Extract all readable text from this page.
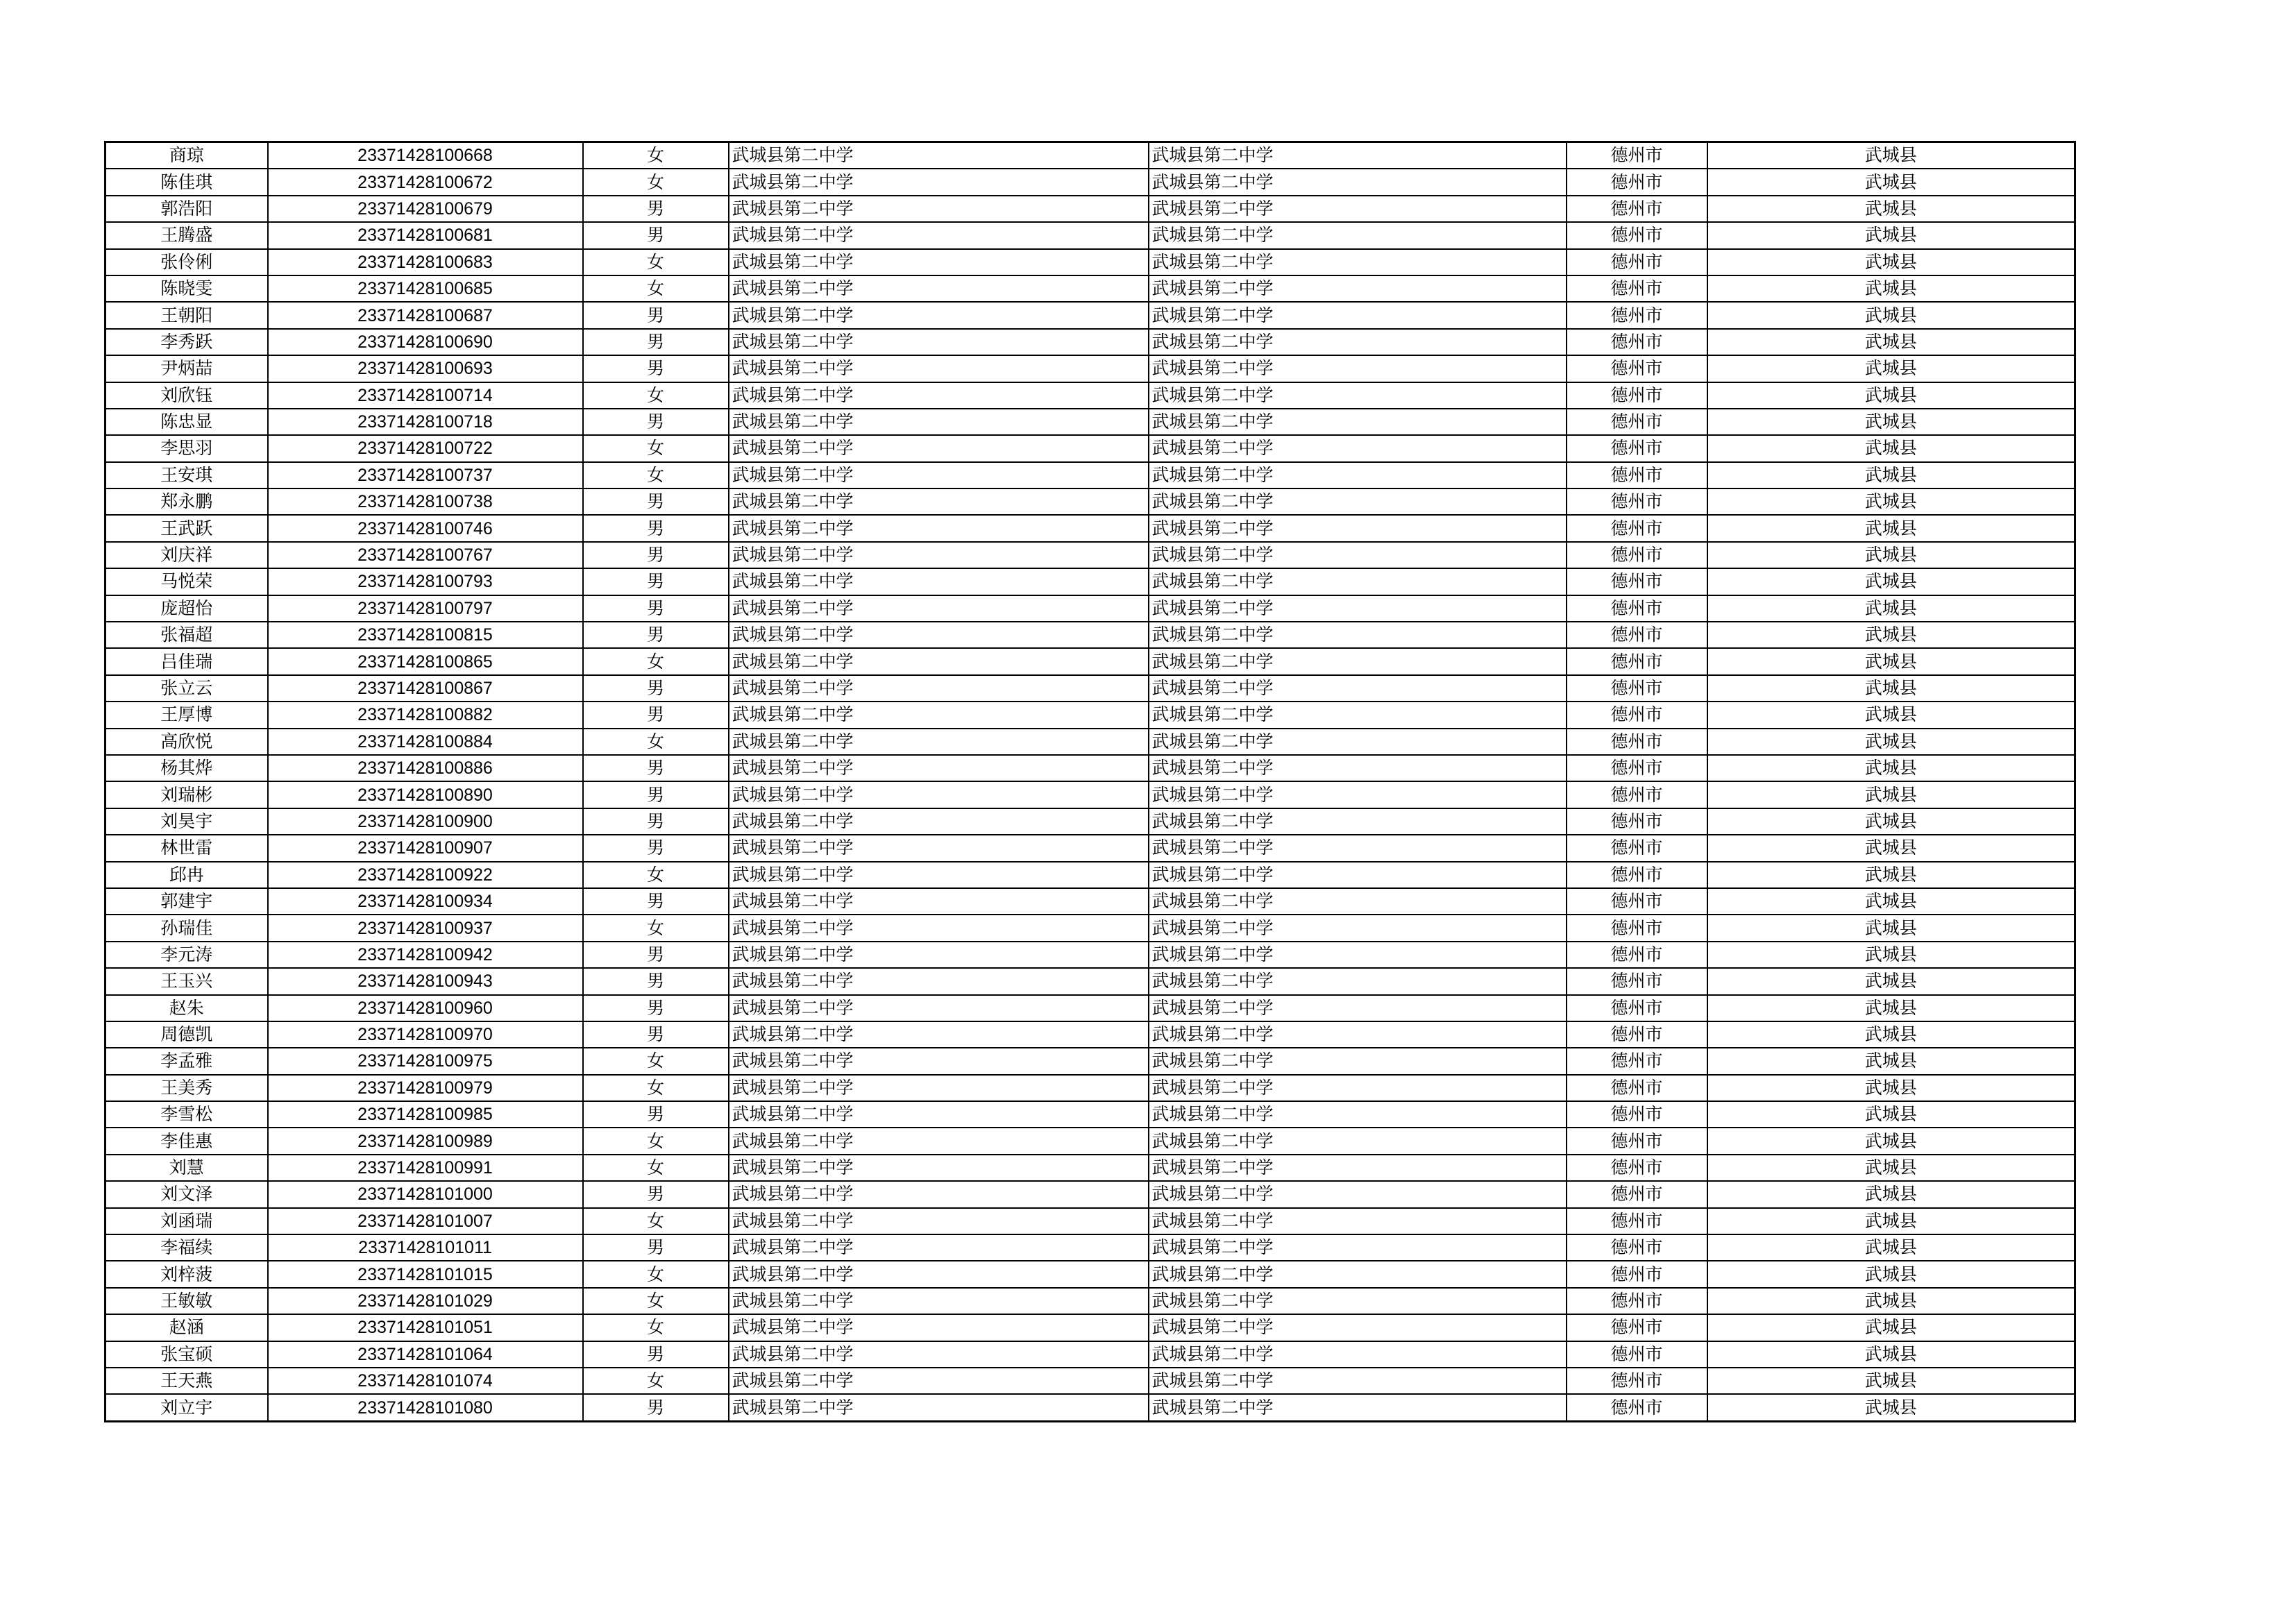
商琼	23371428100668	女	武城县第二中学	武城县第二中学	德州市	武城县
陈佳琪	23371428100672	女	武城县第二中学	武城县第二中学	德州市	武城县
郭浩阳	23371428100679	男	武城县第二中学	武城县第二中学	德州市	武城县
王腾盛	23371428100681	男	武城县第二中学	武城县第二中学	德州市	武城县
张伶俐	23371428100683	女	武城县第二中学	武城县第二中学	德州市	武城县
陈晓雯	23371428100685	女	武城县第二中学	武城县第二中学	德州市	武城县
王朝阳	23371428100687	男	武城县第二中学	武城县第二中学	德州市	武城县
李秀跃	23371428100690	男	武城县第二中学	武城县第二中学	德州市	武城县
尹炳喆	23371428100693	男	武城县第二中学	武城县第二中学	德州市	武城县
刘欣钰	23371428100714	女	武城县第二中学	武城县第二中学	德州市	武城县
陈忠显	23371428100718	男	武城县第二中学	武城县第二中学	德州市	武城县
李思羽	23371428100722	女	武城县第二中学	武城县第二中学	德州市	武城县
王安琪	23371428100737	女	武城县第二中学	武城县第二中学	德州市	武城县
郑永鹏	23371428100738	男	武城县第二中学	武城县第二中学	德州市	武城县
王武跃	23371428100746	男	武城县第二中学	武城县第二中学	德州市	武城县
刘庆祥	23371428100767	男	武城县第二中学	武城县第二中学	德州市	武城县
马悦荣	23371428100793	男	武城县第二中学	武城县第二中学	德州市	武城县
庞超怡	23371428100797	男	武城县第二中学	武城县第二中学	德州市	武城县
张福超	23371428100815	男	武城县第二中学	武城县第二中学	德州市	武城县
吕佳瑞	23371428100865	女	武城县第二中学	武城县第二中学	德州市	武城县
张立云	23371428100867	男	武城县第二中学	武城县第二中学	德州市	武城县
王厚博	23371428100882	男	武城县第二中学	武城县第二中学	德州市	武城县
高欣悦	23371428100884	女	武城县第二中学	武城县第二中学	德州市	武城县
杨其烨	23371428100886	男	武城县第二中学	武城县第二中学	德州市	武城县
刘瑞彬	23371428100890	男	武城县第二中学	武城县第二中学	德州市	武城县
刘昊宇	23371428100900	男	武城县第二中学	武城县第二中学	德州市	武城县
林世雷	23371428100907	男	武城县第二中学	武城县第二中学	德州市	武城县
邱冉	23371428100922	女	武城县第二中学	武城县第二中学	德州市	武城县
郭建宇	23371428100934	男	武城县第二中学	武城县第二中学	德州市	武城县
孙瑞佳	23371428100937	女	武城县第二中学	武城县第二中学	德州市	武城县
李元涛	23371428100942	男	武城县第二中学	武城县第二中学	德州市	武城县
王玉兴	23371428100943	男	武城县第二中学	武城县第二中学	德州市	武城县
赵朱	23371428100960	男	武城县第二中学	武城县第二中学	德州市	武城县
周德凯	23371428100970	男	武城县第二中学	武城县第二中学	德州市	武城县
李孟雅	23371428100975	女	武城县第二中学	武城县第二中学	德州市	武城县
王美秀	23371428100979	女	武城县第二中学	武城县第二中学	德州市	武城县
李雪松	23371428100985	男	武城县第二中学	武城县第二中学	德州市	武城县
李佳惠	23371428100989	女	武城县第二中学	武城县第二中学	德州市	武城县
刘慧	23371428100991	女	武城县第二中学	武城县第二中学	德州市	武城县
刘文泽	23371428101000	男	武城县第二中学	武城县第二中学	德州市	武城县
刘函瑞	23371428101007	女	武城县第二中学	武城县第二中学	德州市	武城县
李福续	23371428101011	男	武城县第二中学	武城县第二中学	德州市	武城县
刘梓菠	23371428101015	女	武城县第二中学	武城县第二中学	德州市	武城县
王敏敏	23371428101029	女	武城县第二中学	武城县第二中学	德州市	武城县
赵涵	23371428101051	女	武城县第二中学	武城县第二中学	德州市	武城县
张宝硕	23371428101064	男	武城县第二中学	武城县第二中学	德州市	武城县
王天燕	23371428101074	女	武城县第二中学	武城县第二中学	德州市	武城县
刘立宇	23371428101080	男	武城县第二中学	武城县第二中学	德州市	武城县
